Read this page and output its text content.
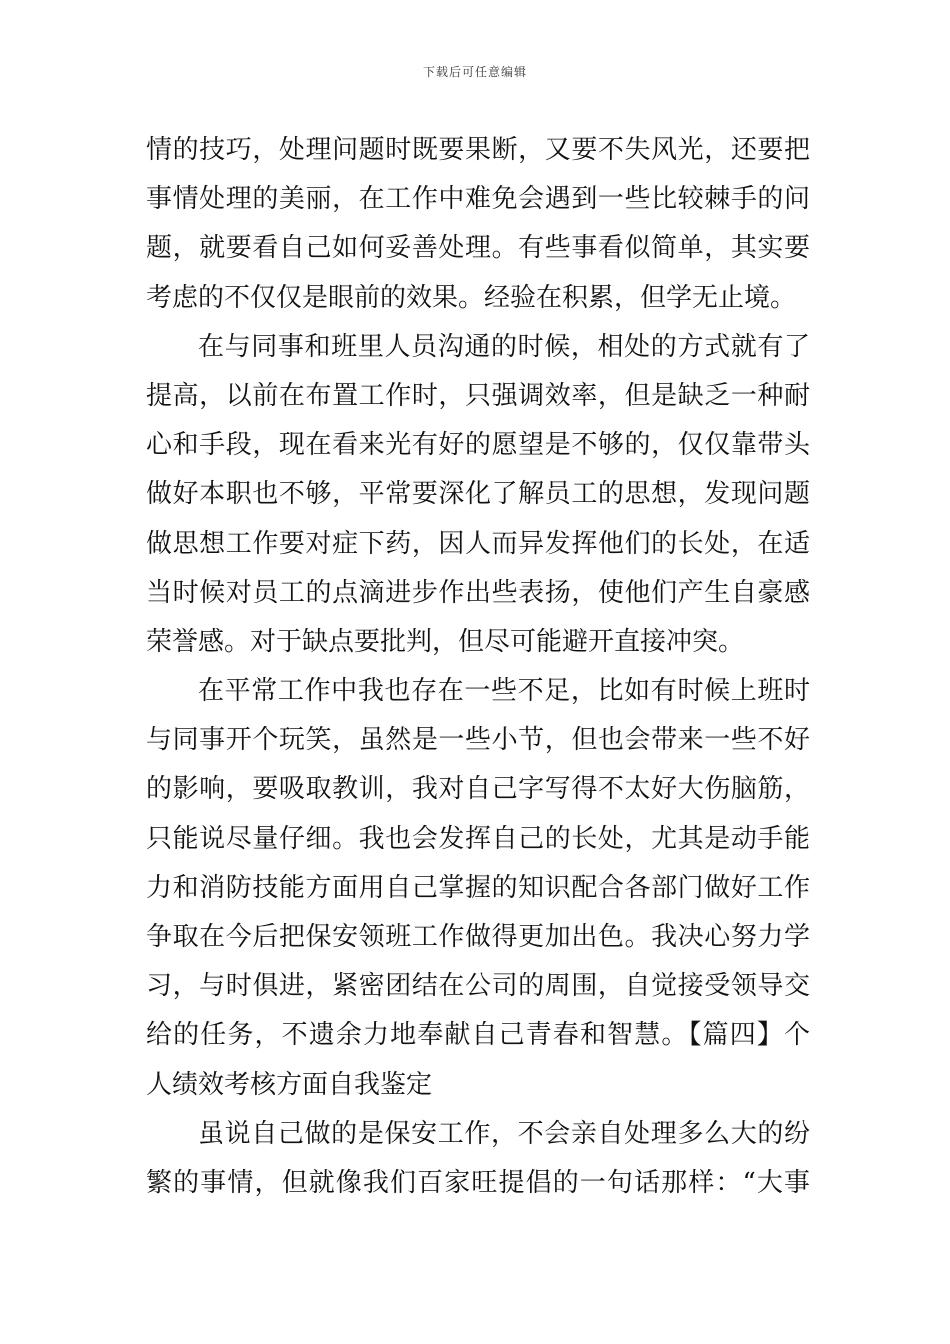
下载后可任意编辑
情的技巧，处理问题时既要果断，又要不失风光，还要把
事情处理的美丽，在工作中难免会遇到一些比较棘手的问
题，就要看自己如何妥善处理。有些事看似简单，其实要
考虑的不仅仅是眼前的效果。经验在积累，但学无止境。
在与同事和班里人员沟通的时候，相处的方式就有了
提高，以前在布置工作时，只强调效率，但是缺乏一种耐
心和手段，现在看来光有好的愿望是不够的，仅仅靠带头
做好本职也不够，平常要深化了解员工的思想，发现问题
做思想工作要对症下药，因人而异发挥他们的长处，在适
当时候对员工的点滴进步作出些表扬，使他们产生自豪感
荣誉感。对于缺点要批判，但尽可能避开直接冲突。
在平常工作中我也存在一些不足，比如有时候上班时
与同事开个玩笑，虽然是一些小节，但也会带来一些不好
的影响，要吸取教训，我对自己字写得不太好大伤脑筋，
只能说尽量仔细。我也会发挥自己的长处，尤其是动手能
力和消防技能方面用自己掌握的知识配合各部门做好工作
争取在今后把保安领班工作做得更加出色。我决心努力学
习，与时俱进，紧密团结在公司的周围，自觉接受领导交
给的任务，不遗余力地奉献自己青春和智慧。【篇四】个
人绩效考核方面自我鉴定
虽说自己做的是保安工作，不会亲自处理多么大的纷
繁的事情，但就像我们百家旺提倡的一句话那样：“大事
